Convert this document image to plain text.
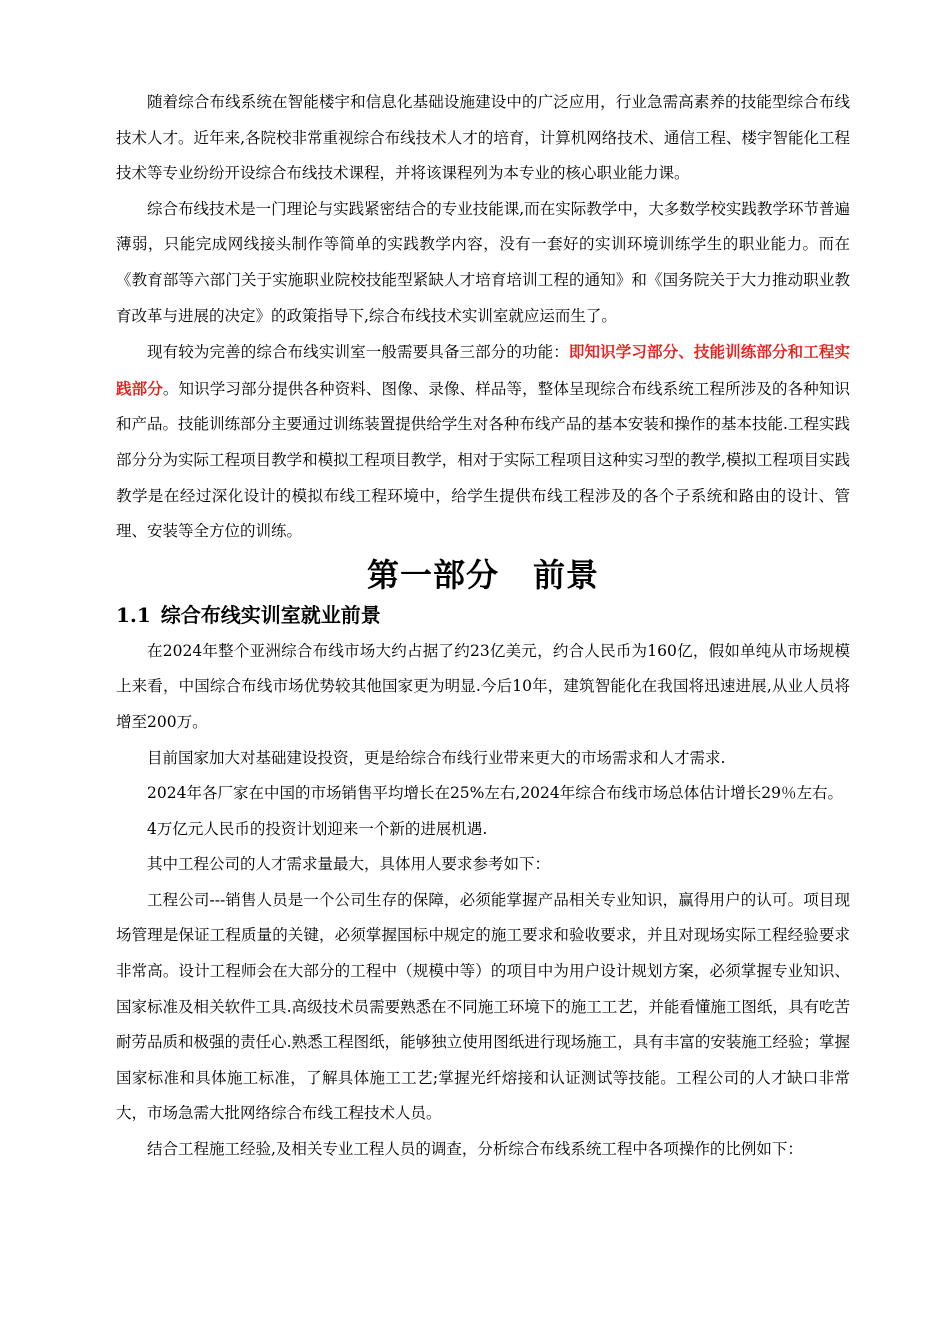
随着综合布线系统在智能楼宇和信息化基础设施建设中的广泛应用，行业急需高素养的技能型综合布线技术人才。近年来,各院校非常重视综合布线技术人才的培育，计算机网络技术、通信工程、楼宇智能化工程技术等专业纷纷开设综合布线技术课程，并将该课程列为本专业的核心职业能力课。

综合布线技术是一门理论与实践紧密结合的专业技能课,而在实际教学中，大多数学校实践教学环节普遍薄弱，只能完成网线接头制作等简单的实践教学内容，没有一套好的实训环境训练学生的职业能力。而在《教育部等六部门关于实施职业院校技能型紧缺人才培育培训工程的通知》和《国务院关于大力推动职业教育改革与进展的决定》的政策指导下,综合布线技术实训室就应运而生了。

现有较为完善的综合布线实训室一般需要具备三部分的功能：即知识学习部分、技能训练部分和工程实践部分。知识学习部分提供各种资料、图像、录像、样品等，整体呈现综合布线系统工程所涉及的各种知识和产品。技能训练部分主要通过训练装置提供给学生对各种布线产品的基本安装和操作的基本技能.工程实践部分分为实际工程项目教学和模拟工程项目教学，相对于实际工程项目这种实习型的教学,模拟工程项目实践教学是在经过深化设计的模拟布线工程环境中，给学生提供布线工程涉及的各个子系统和路由的设计、管理、安装等全方位的训练。

第一部分 前景
1.1 综合布线实训室就业前景

在2024年整个亚洲综合布线市场大约占据了约23亿美元，约合人民币为160亿，假如单纯从市场规模上来看，中国综合布线市场优势较其他国家更为明显.今后10年，建筑智能化在我国将迅速进展,从业人员将增至200万。

目前国家加大对基础建设投资，更是给综合布线行业带来更大的市场需求和人才需求.

2024年各厂家在中国的市场销售平均增长在25%左右,2024年综合布线市场总体估计增长29％左右。

4万亿元人民币的投资计划迎来一个新的进展机遇.

其中工程公司的人才需求量最大，具体用人要求参考如下：

工程公司---销售人员是一个公司生存的保障，必须能掌握产品相关专业知识，赢得用户的认可。项目现场管理是保证工程质量的关键，必须掌握国标中规定的施工要求和验收要求，并且对现场实际工程经验要求非常高。设计工程师会在大部分的工程中（规模中等）的项目中为用户设计规划方案，必须掌握专业知识、国家标准及相关软件工具.高级技术员需要熟悉在不同施工环境下的施工工艺，并能看懂施工图纸，具有吃苦耐劳品质和极强的责任心.熟悉工程图纸，能够独立使用图纸进行现场施工，具有丰富的安装施工经验；掌握国家标准和具体施工标准，了解具体施工工艺;掌握光纤熔接和认证测试等技能。工程公司的人才缺口非常大，市场急需大批网络综合布线工程技术人员。

结合工程施工经验,及相关专业工程人员的调查，分析综合布线系统工程中各项操作的比例如下：
